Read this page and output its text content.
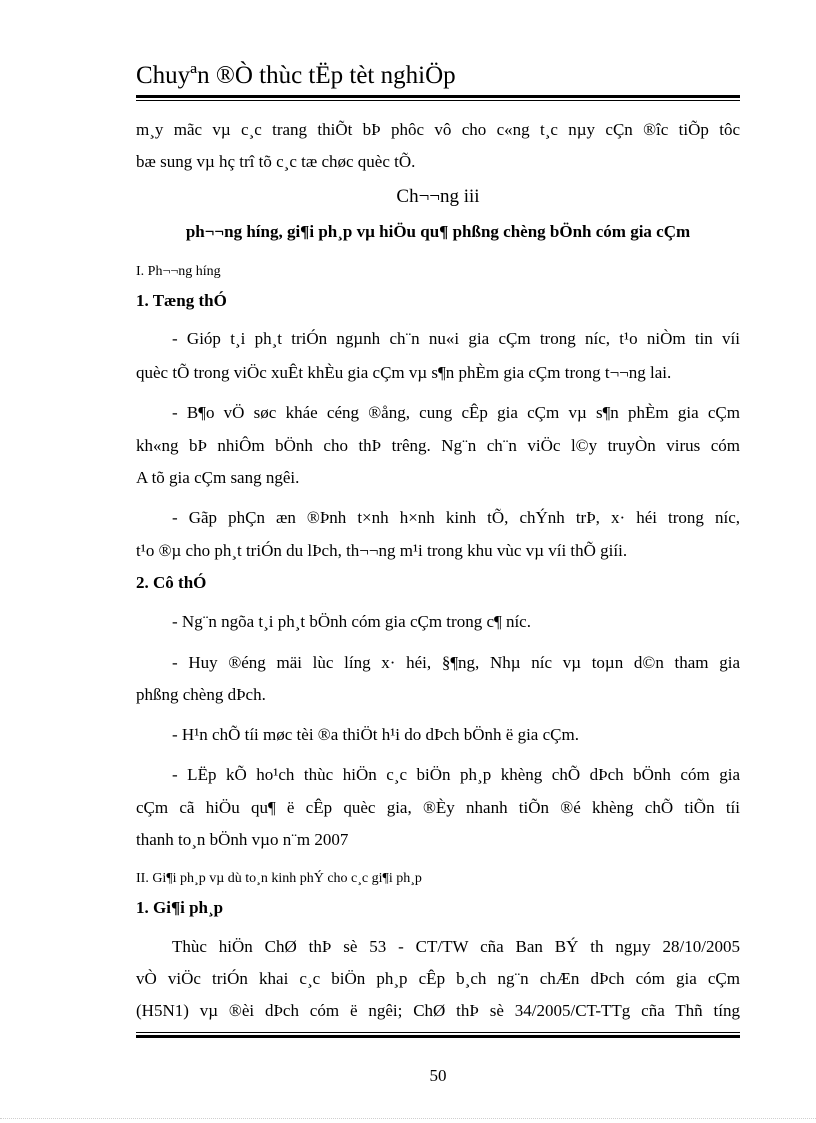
Chuyªn ®Ò thùc tËp tèt nghiÖp
m¸y mãc vµ c¸c trang thiÕt bÞ phôc vô cho c«ng t¸c nµy cÇn ®îc tiÕp tôc
bæ sung vµ hç trî tõ c¸c tæ chøc quèc tÕ.
Ch¬¬ng iii
ph¬¬ng híng, gi¶i ph¸p vµ hiÖu qu¶ phßng chèng bÖnh cóm gia cÇm
I. Ph¬¬ng híng
1. Tæng thÓ
- Gióp t¸i ph¸t triÓn ngµnh ch¨n nu«i gia cÇm trong níc, t¹o niÒm tin víi
quèc tÕ trong viÖc xuÊt khÈu gia cÇm vµ s¶n phÈm gia cÇm trong t¬¬ng lai.
- B¶o vÖ søc kháe céng ®ång, cung cÊp gia cÇm vµ s¶n phÈm gia cÇm
kh«ng bÞ nhiÔm bÖnh cho thÞ trêng. Ng¨n ch¨n viÖc l©y truyÒn virus cóm
A tõ gia cÇm sang ngêi.
- Gãp phÇn æn ®Þnh t×nh h×nh kinh tÕ, chÝnh trÞ, x· héi trong níc,
t¹o ®µ cho ph¸t triÓn du lÞch, th¬¬ng m¹i trong khu vùc vµ víi thÕ giíi.
2. Cô thÓ
- Ng¨n ngõa t¸i ph¸t bÖnh cóm gia cÇm trong c¶ níc.
- Huy ®éng mäi lùc líng x· héi, §¶ng, Nhµ níc vµ toµn d©n tham gia
phßng chèng dÞch.
- H¹n chÕ tíi møc tèi ®a thiÖt h¹i do dÞch bÖnh ë gia cÇm.
- LËp kÕ ho¹ch thùc hiÖn c¸c biÖn ph¸p khèng chÕ dÞch bÖnh cóm gia
cÇm cã hiÖu qu¶ ë cÊp quèc gia, ®Èy nhanh tiÕn ®é khèng chÕ tiÕn tíi
thanh to¸n bÖnh vµo n¨m 2007
II. Gi¶i ph¸p vµ dù to¸n kinh phÝ cho c¸c gi¶i ph¸p
1. Gi¶i ph¸p
Thùc hiÖn ChØ thÞ sè 53 - CT/TW cña Ban BÝ th ngµy 28/10/2005
vÒ viÖc triÓn khai c¸c biÖn ph¸p cÊp b¸ch ng¨n chÆn dÞch cóm gia cÇm
(H5N1) vµ ®èi dÞch cóm ë ngêi; ChØ thÞ sè 34/2005/CT-TTg cña Thñ tíng
50
